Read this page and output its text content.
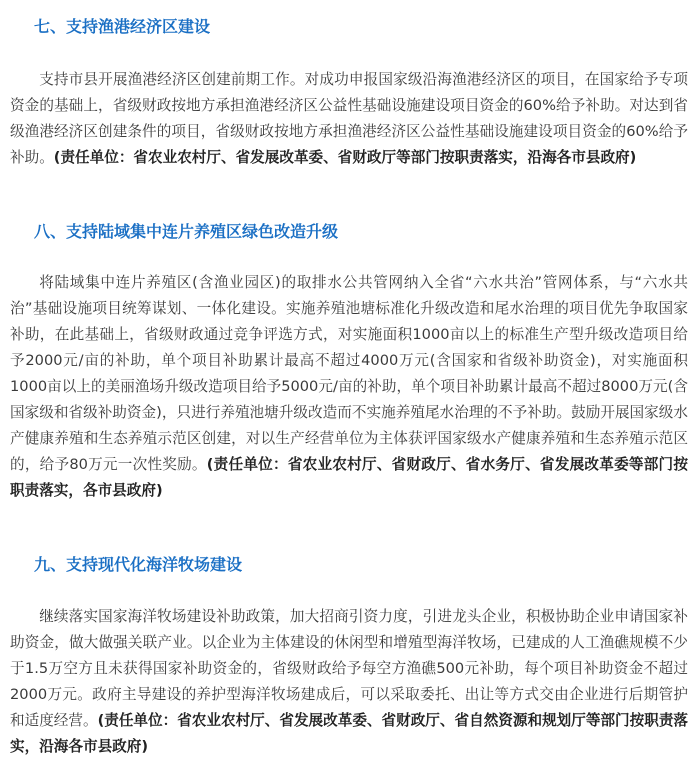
七、支持渔港经济区建设

支持市县开展渔港经济区创建前期工作。对成功申报国家级沿海渔港经济区的项目，在国家给予专项资金的基础上，省级财政按地方承担渔港经济区公益性基础设施建设项目资金的60%给予补助。对达到省级渔港经济区创建条件的项目，省级财政按地方承担渔港经济区公益性基础设施建设项目资金的60%给予补助。(责任单位：省农业农村厅、省发展改革委、省财政厅等部门按职责落实，沿海各市县政府)

八、支持陆域集中连片养殖区绿色改造升级

将陆域集中连片养殖区(含渔业园区)的取排水公共管网纳入全省“六水共治”管网体系，与“六水共治”基础设施项目统筹谋划、一体化建设。实施养殖池塘标准化升级改造和尾水治理的项目优先争取国家补助，在此基础上，省级财政通过竞争评选方式，对实施面积1000亩以上的标准生产型升级改造项目给予2000元/亩的补助，单个项目补助累计最高不超过4000万元(含国家和省级补助资金)，对实施面积1000亩以上的美丽渔场升级改造项目给予5000元/亩的补助，单个项目补助累计最高不超过8000万元(含国家级和省级补助资金)，只进行养殖池塘升级改造而不实施养殖尾水治理的不予补助。鼓励开展国家级水产健康养殖和生态养殖示范区创建，对以生产经营单位为主体获评国家级水产健康养殖和生态养殖示范区的，给予80万元一次性奖励。(责任单位：省农业农村厅、省财政厅、省水务厅、省发展改革委等部门按职责落实，各市县政府)

九、支持现代化海洋牧场建设

继续落实国家海洋牧场建设补助政策，加大招商引资力度，引进龙头企业，积极协助企业申请国家补助资金，做大做强关联产业。以企业为主体建设的休闲型和增殖型海洋牧场，已建成的人工渔礁规模不少于1.5万空方且未获得国家补助资金的，省级财政给予每空方渔礁500元补助，每个项目补助资金不超过2000万元。政府主导建设的养护型海洋牧场建成后，可以采取委托、出让等方式交由企业进行后期管护和适度经营。(责任单位：省农业农村厅、省发展改革委、省财政厅、省自然资源和规划厅等部门按职责落实，沿海各市县政府)
